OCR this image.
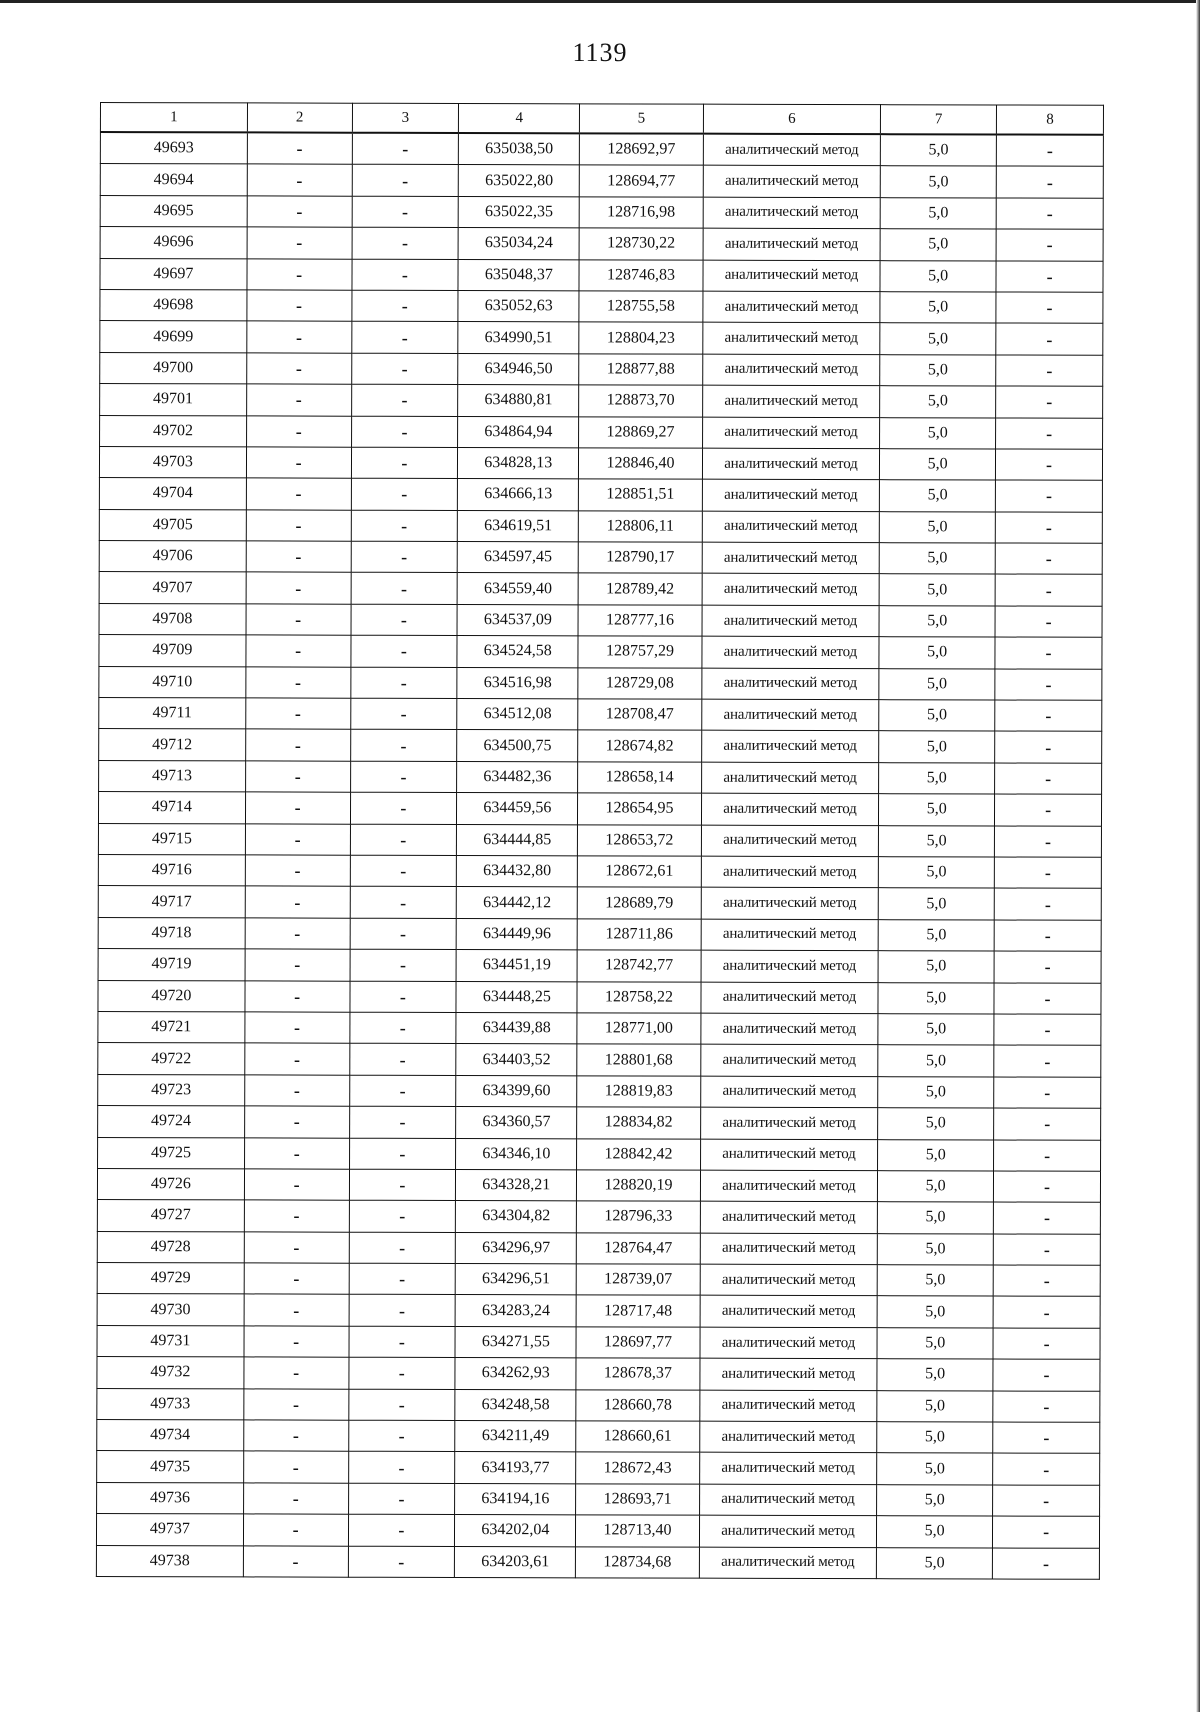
1139
1	2	3	4	5	6	7	8
49693	-	-	635038,50	128692,97	аналитический метод	5,0	-
49694	-	-	635022,80	128694,77	аналитический метод	5,0	-
49695	-	-	635022,35	128716,98	аналитический метод	5,0	-
49696	-	-	635034,24	128730,22	аналитический метод	5,0	-
49697	-	-	635048,37	128746,83	аналитический метод	5,0	-
49698	-	-	635052,63	128755,58	аналитический метод	5,0	-
49699	-	-	634990,51	128804,23	аналитический метод	5,0	-
49700	-	-	634946,50	128877,88	аналитический метод	5,0	-
49701	-	-	634880,81	128873,70	аналитический метод	5,0	-
49702	-	-	634864,94	128869,27	аналитический метод	5,0	-
49703	-	-	634828,13	128846,40	аналитический метод	5,0	-
49704	-	-	634666,13	128851,51	аналитический метод	5,0	-
49705	-	-	634619,51	128806,11	аналитический метод	5,0	-
49706	-	-	634597,45	128790,17	аналитический метод	5,0	-
49707	-	-	634559,40	128789,42	аналитический метод	5,0	-
49708	-	-	634537,09	128777,16	аналитический метод	5,0	-
49709	-	-	634524,58	128757,29	аналитический метод	5,0	-
49710	-	-	634516,98	128729,08	аналитический метод	5,0	-
49711	-	-	634512,08	128708,47	аналитический метод	5,0	-
49712	-	-	634500,75	128674,82	аналитический метод	5,0	-
49713	-	-	634482,36	128658,14	аналитический метод	5,0	-
49714	-	-	634459,56	128654,95	аналитический метод	5,0	-
49715	-	-	634444,85	128653,72	аналитический метод	5,0	-
49716	-	-	634432,80	128672,61	аналитический метод	5,0	-
49717	-	-	634442,12	128689,79	аналитический метод	5,0	-
49718	-	-	634449,96	128711,86	аналитический метод	5,0	-
49719	-	-	634451,19	128742,77	аналитический метод	5,0	-
49720	-	-	634448,25	128758,22	аналитический метод	5,0	-
49721	-	-	634439,88	128771,00	аналитический метод	5,0	-
49722	-	-	634403,52	128801,68	аналитический метод	5,0	-
49723	-	-	634399,60	128819,83	аналитический метод	5,0	-
49724	-	-	634360,57	128834,82	аналитический метод	5,0	-
49725	-	-	634346,10	128842,42	аналитический метод	5,0	-
49726	-	-	634328,21	128820,19	аналитический метод	5,0	-
49727	-	-	634304,82	128796,33	аналитический метод	5,0	-
49728	-	-	634296,97	128764,47	аналитический метод	5,0	-
49729	-	-	634296,51	128739,07	аналитический метод	5,0	-
49730	-	-	634283,24	128717,48	аналитический метод	5,0	-
49731	-	-	634271,55	128697,77	аналитический метод	5,0	-
49732	-	-	634262,93	128678,37	аналитический метод	5,0	-
49733	-	-	634248,58	128660,78	аналитический метод	5,0	-
49734	-	-	634211,49	128660,61	аналитический метод	5,0	-
49735	-	-	634193,77	128672,43	аналитический метод	5,0	-
49736	-	-	634194,16	128693,71	аналитический метод	5,0	-
49737	-	-	634202,04	128713,40	аналитический метод	5,0	-
49738	-	-	634203,61	128734,68	аналитический метод	5,0	-
